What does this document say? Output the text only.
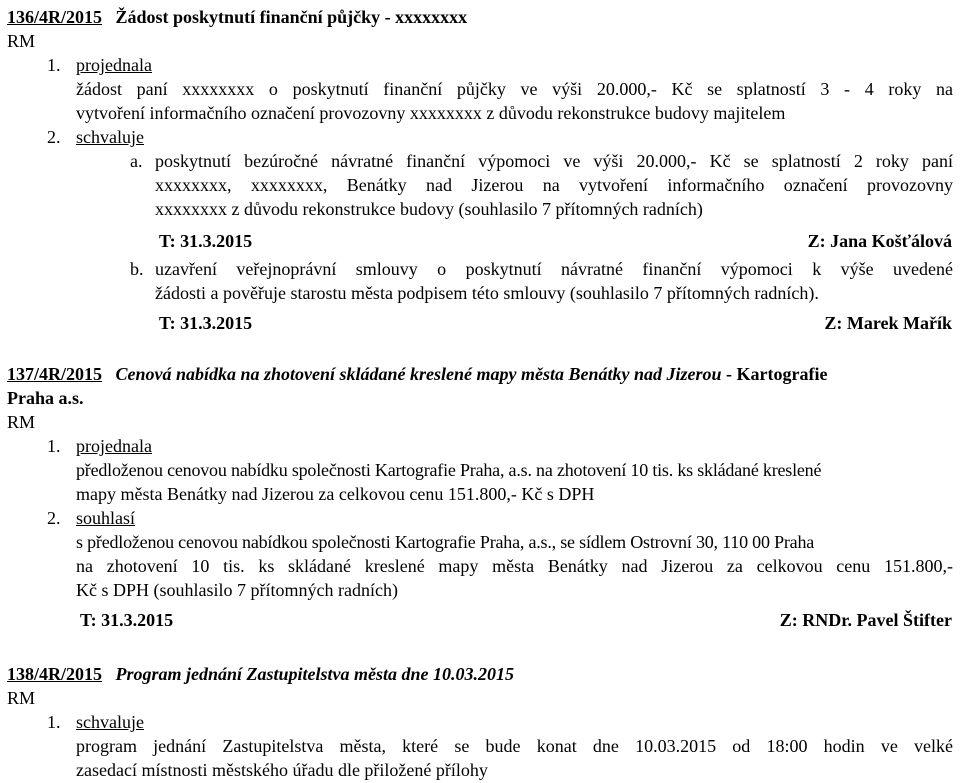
136/4R/2015 Žádost poskytnutí finanční půjčky - xxxxxxxx
RM
1. projednala
žádost paní xxxxxxxx o poskytnutí finanční půjčky ve výši 20.000,- Kč se splatností 3 - 4 roky na
vytvoření informačního označení provozovny xxxxxxxx z důvodu rekonstrukce budovy majitelem
2. schvaluje
a. poskytnutí bezúročné návratné finanční výpomoci ve výši 20.000,- Kč se splatností 2 roky paní
xxxxxxxx, xxxxxxxx, Benátky nad Jizerou na vytvoření informačního označení provozovny
xxxxxxxx z důvodu rekonstrukce budovy (souhlasilo 7 přítomných radních)
T: 31.3.2015	Z: Jana Košťálová
b. uzavření veřejnoprávní smlouvy o poskytnutí návratné finanční výpomoci k výše uvedené
žádosti a pověřuje starostu města podpisem této smlouvy (souhlasilo 7 přítomných radních).
T: 31.3.2015	Z: Marek Mařík
137/4R/2015 Cenová nabídka na zhotovení skládané kreslené mapy města Benátky nad Jizerou - Kartografie
Praha a.s.
RM
1. projednala
předloženou cenovou nabídku společnosti Kartografie Praha, a.s. na zhotovení 10 tis. ks skládané kreslené
mapy města Benátky nad Jizerou za celkovou cenu 151.800,- Kč s DPH
2. souhlasí
s předloženou cenovou nabídkou společnosti Kartografie Praha, a.s., se sídlem Ostrovní 30, 110 00 Praha
na zhotovení 10 tis. ks skládané kreslené mapy města Benátky nad Jizerou za celkovou cenu 151.800,-
Kč s DPH (souhlasilo 7 přítomných radních)
T: 31.3.2015	Z: RNDr. Pavel Štifter
138/4R/2015 Program jednání Zastupitelstva města dne 10.03.2015
RM
1. schvaluje
program jednání Zastupitelstva města, které se bude konat dne 10.03.2015 od 18:00 hodin ve velké
zasedací místnosti městského úřadu dle přiložené přílohy
